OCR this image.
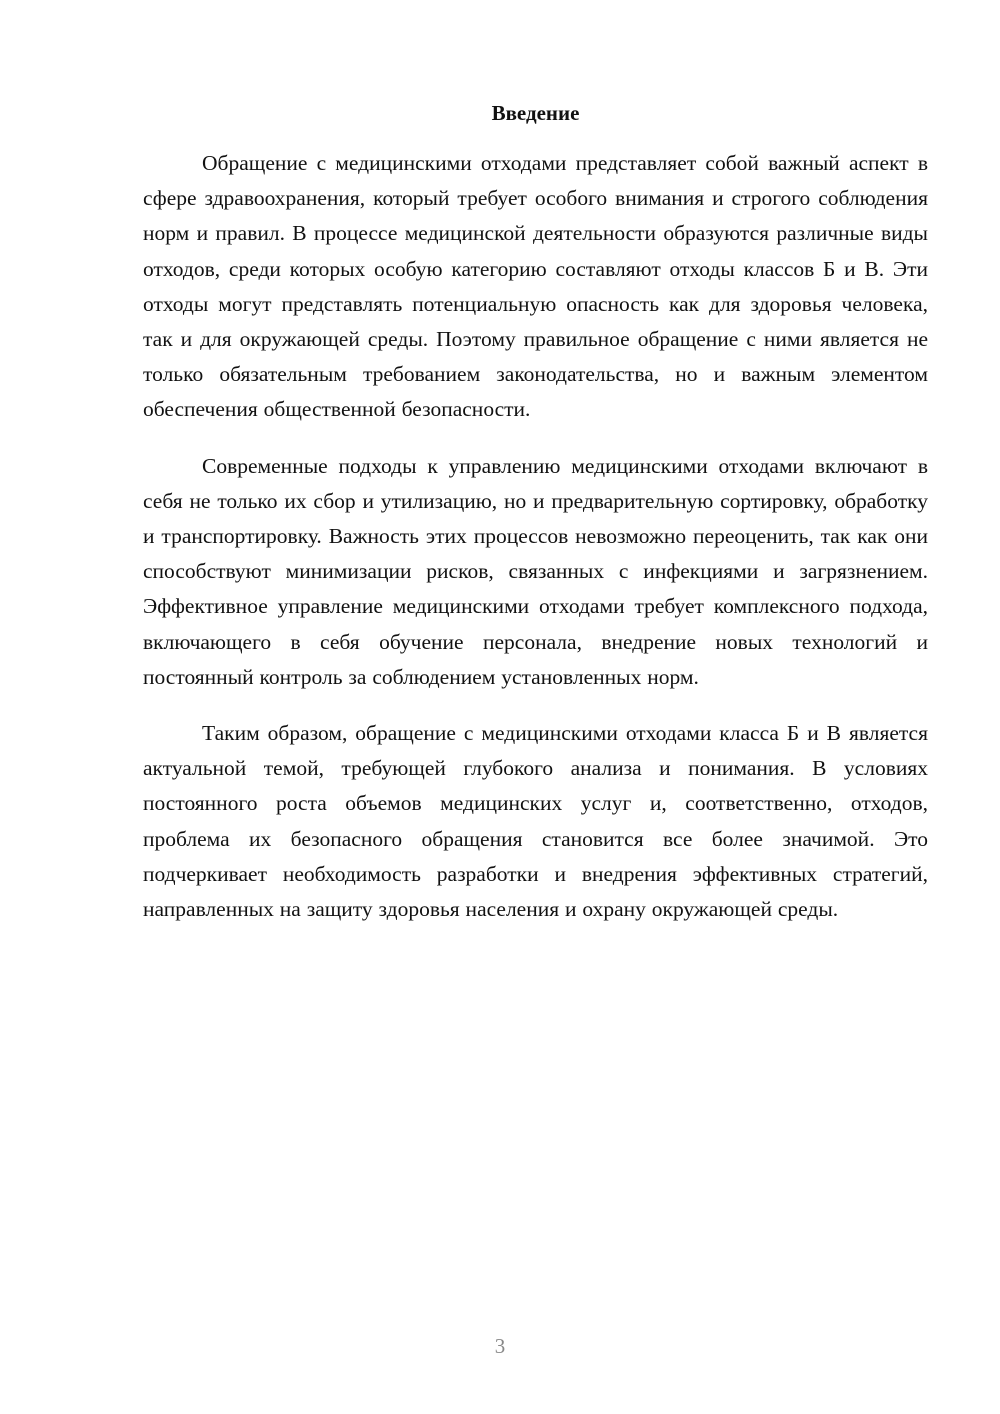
Введение

Обращение с медицинскими отходами представляет собой важный аспект в сфере здравоохранения, который требует особого внимания и строгого соблюдения норм и правил. В процессе медицинской деятельности образуются различные виды отходов, среди которых особую категорию составляют отходы классов Б и В. Эти отходы могут представлять потенциальную опасность как для здоровья человека, так и для окружающей среды. Поэтому правильное обращение с ними является не только обязательным требованием законодательства, но и важным элементом обеспечения общественной безопасности.

Современные подходы к управлению медицинскими отходами включают в себя не только их сбор и утилизацию, но и предварительную сортировку, обработку и транспортировку. Важность этих процессов невозможно переоценить, так как они способствуют минимизации рисков, связанных с инфекциями и загрязнением. Эффективное управление медицинскими отходами требует комплексного подхода, включающего в себя обучение персонала, внедрение новых технологий и постоянный контроль за соблюдением установленных норм.

Таким образом, обращение с медицинскими отходами класса Б и В является актуальной темой, требующей глубокого анализа и понимания. В условиях постоянного роста объемов медицинских услуг и, соответственно, отходов, проблема их безопасного обращения становится все более значимой. Это подчеркивает необходимость разработки и внедрения эффективных стратегий, направленных на защиту здоровья населения и охрану окружающей среды.

3
